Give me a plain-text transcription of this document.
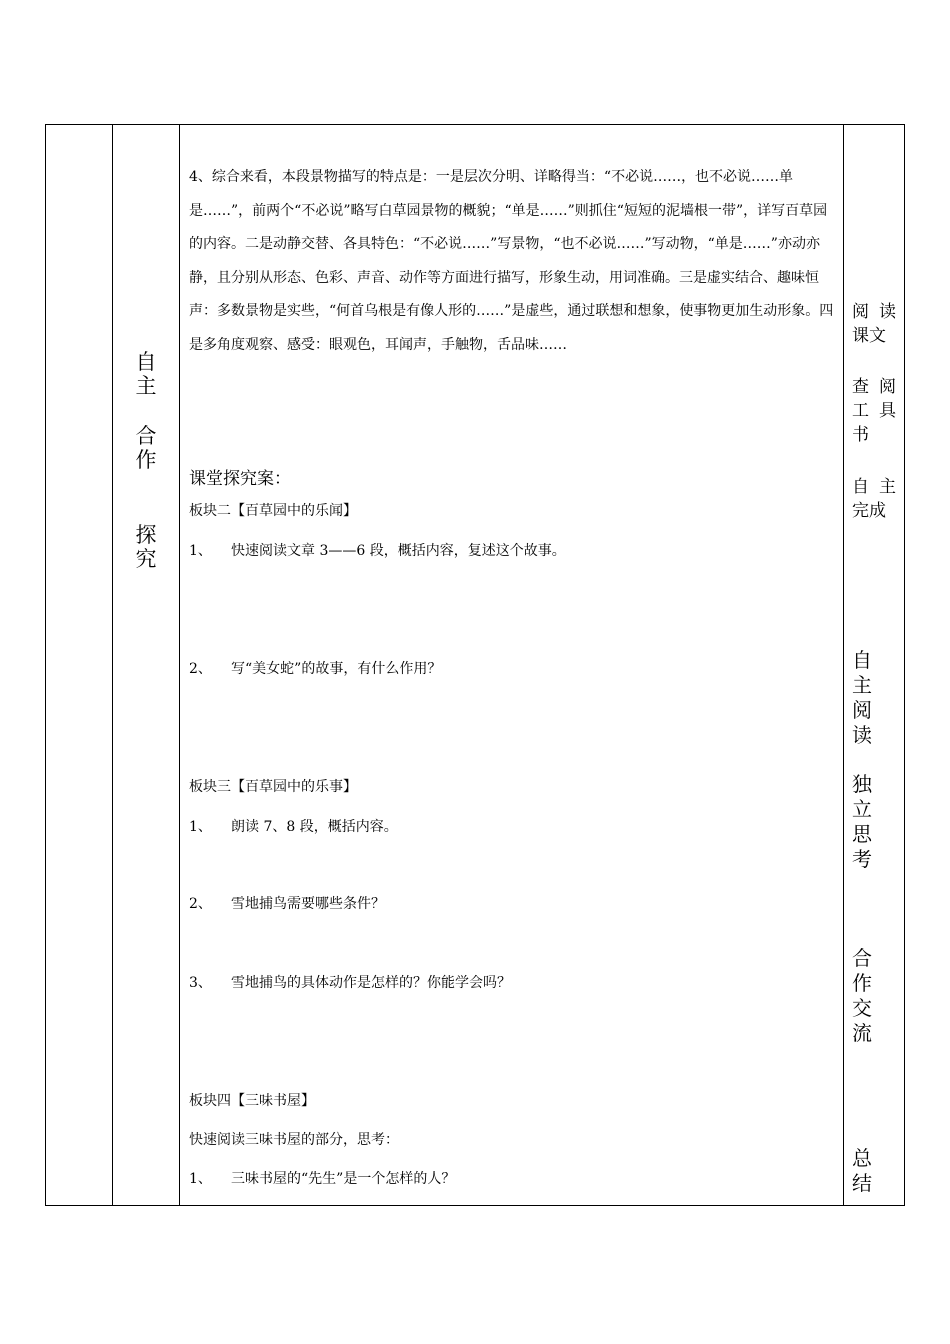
自
主
合
作
探
究

4、综合来看，本段景物描写的特点是：一是层次分明、详略得当：“不必说……，也不必说……单是……”，前两个“不必说”略写白草园景物的概貌；“单是……”则抓住“短短的泥墙根一带”，详写百草园的内容。二是动静交替、各具特色：“不必说……”写景物，“也不必说……”写动物，“单是……”亦动亦静，且分别从形态、色彩、声音、动作等方面进行描写，形象生动，用词准确。三是虚实结合、趣味恒声：多数景物是实些，“何首乌根是有像人形的……”是虚些，通过联想和想象，使事物更加生动形象。四是多角度观察、感受：眼观色，耳闻声，手触物，舌品味……

课堂探究案：
板块二【百草园中的乐闻】
1、 快速阅读文章 3——6 段，概括内容，复述这个故事。
2、 写“美女蛇”的故事，有什么作用？
板块三【百草园中的乐事】
1、 朗读 7、8 段，概括内容。
2、 雪地捕鸟需要哪些条件？
3、 雪地捕鸟的具体动作是怎样的？你能学会吗？
板块四【三味书屋】
快速阅读三味书屋的部分，思考：
1、 三味书屋的“先生”是一个怎样的人？
阅 读
课文
查 阅
工 具
书
自 主
完成
自
主
阅
读
独
立
思
考
合
作
交
流
总
结
